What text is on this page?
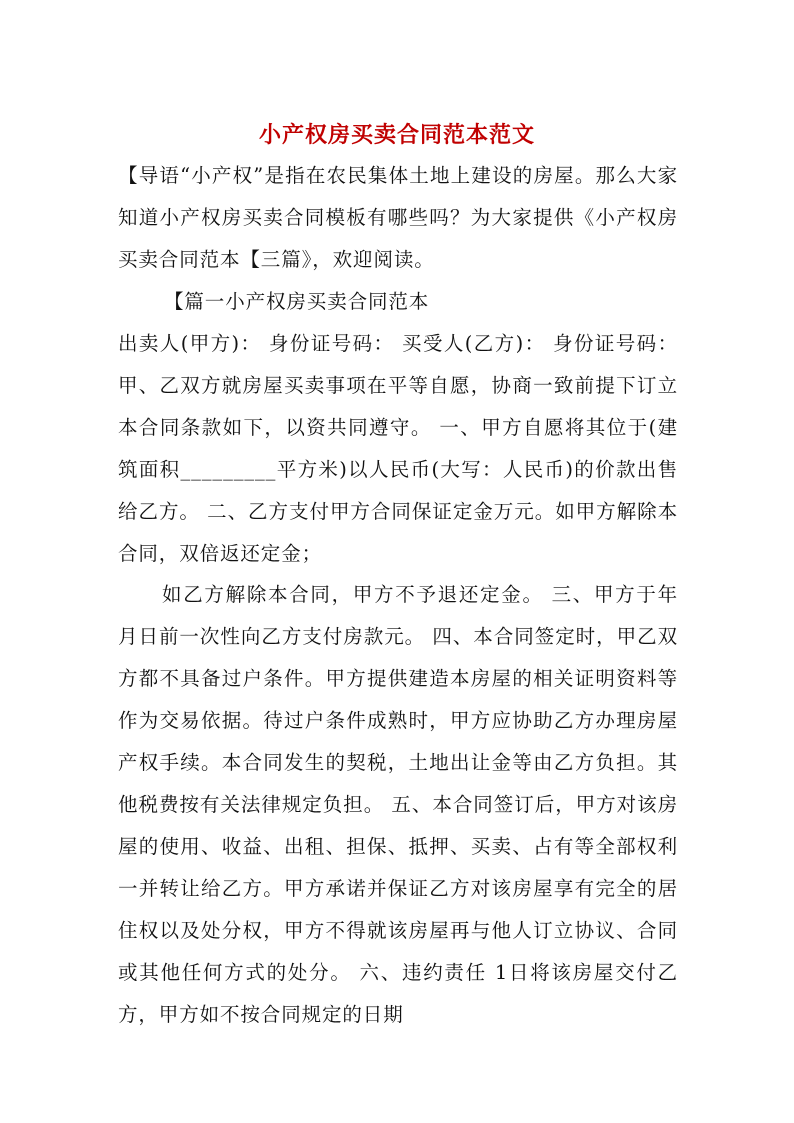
小产权房买卖合同范本范文
【导语“小产权”是指在农民集体土地上建设的房屋。那么大家知道小产权房买卖合同模板有哪些吗？为大家提供《小产权房买卖合同范本【三篇》，欢迎阅读。
【篇一小产权房买卖合同范本
出卖人(甲方)： 身份证号码： 买受人(乙方)： 身份证号码： 甲、乙双方就房屋买卖事项在平等自愿，协商一致前提下订立本合同条款如下，以资共同遵守。 一、甲方自愿将其位于(建 筑面积_________平方米)以人民币(大写：人民币)的价款出售给乙方。 二、乙方支付甲方合同保证定金万元。如甲方解除本 合同，双倍返还定金；
如乙方解除本合同，甲方不予退还定金。 三、甲方于年月日前一次性向乙方支付房款元。 四、本合同签定时，甲乙双方都不具备过户条件。甲方提供建造本房屋的相关证明资料等作为交易依据。待过户条件成熟时，甲方应协助乙方办理房屋产权手续。本合同发生的契税，土地出让金等由乙方负担。其他税费按有关法律规定负担。 五、本合同签订后，甲方对该房屋的使用、收益、出租、担保、抵押、买卖、占有等全部权利一并转让给乙方。甲方承诺并保证乙方对该房屋享有完全的居住权以及处分权，甲方不得就该房屋再与他人订立协议、合同或其他任何方式的处分。 六、违约责任 1日将该房屋交付乙方，甲方如不按合同规定的日期
